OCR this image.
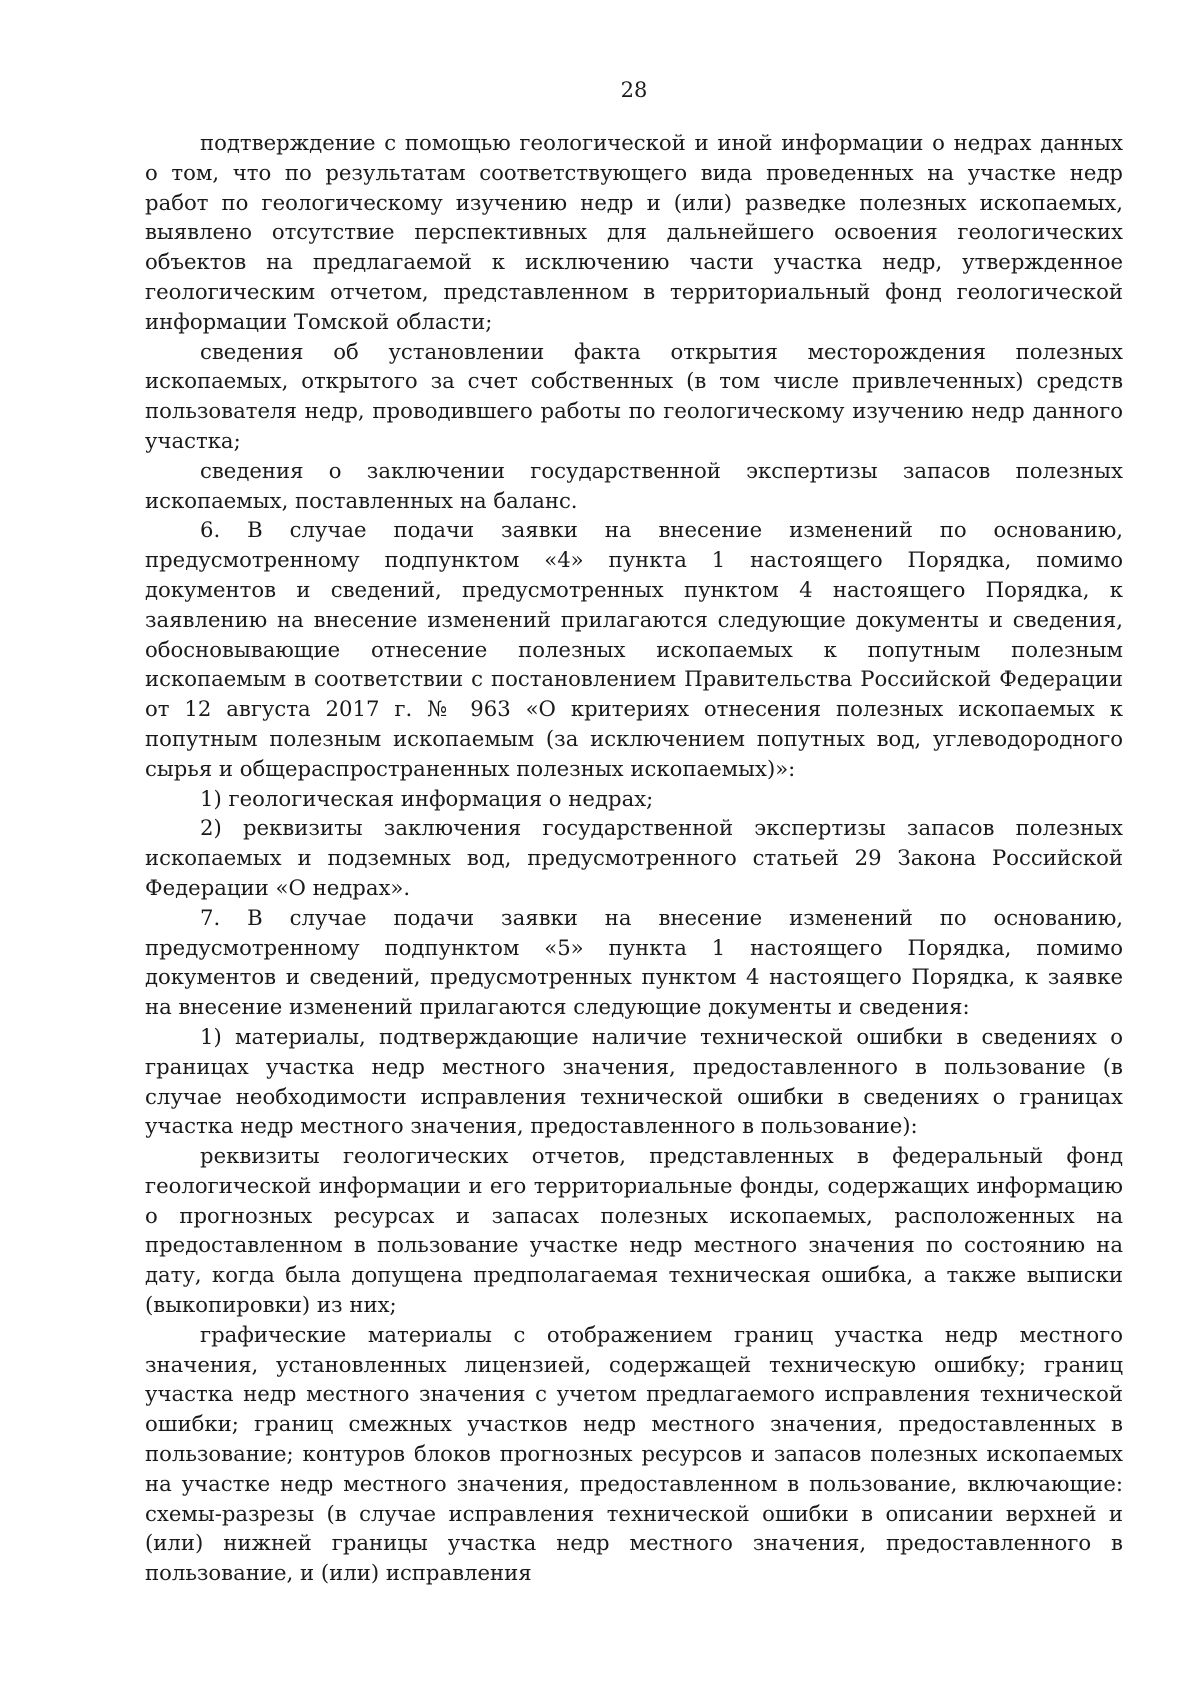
28

подтверждение с помощью геологической и иной информации о недрах данных о том, что по результатам соответствующего вида проведенных на участке недр работ по геологическому изучению недр и (или) разведке полезных ископаемых, выявлено отсутствие перспективных для дальнейшего освоения геологических объектов на предлагаемой к исключению части участка недр, утвержденное геологическим отчетом, представленном в территориальный фонд геологической информации Томской области;

сведения об установлении факта открытия месторождения полезных ископаемых, открытого за счет собственных (в том числе привлеченных) средств пользователя недр, проводившего работы по геологическому изучению недр данного участка;

сведения о заключении государственной экспертизы запасов полезных ископаемых, поставленных на баланс.

6. В случае подачи заявки на внесение изменений по основанию, предусмотренному подпунктом «4» пункта 1 настоящего Порядка, помимо документов и сведений, предусмотренных пунктом 4 настоящего Порядка, к заявлению на внесение изменений прилагаются следующие документы и сведения, обосновывающие отнесение полезных ископаемых к попутным полезным ископаемым в соответствии с постановлением Правительства Российской Федерации от 12 августа 2017 г. № 963 «О критериях отнесения полезных ископаемых к попутным полезным ископаемым (за исключением попутных вод, углеводородного сырья и общераспространенных полезных ископаемых)»:

1) геологическая информация о недрах;

2) реквизиты заключения государственной экспертизы запасов полезных ископаемых и подземных вод, предусмотренного статьей 29 Закона Российской Федерации «О недрах».

7. В случае подачи заявки на внесение изменений по основанию, предусмотренному подпунктом «5» пункта 1 настоящего Порядка, помимо документов и сведений, предусмотренных пунктом 4 настоящего Порядка, к заявке на внесение изменений прилагаются следующие документы и сведения:

1) материалы, подтверждающие наличие технической ошибки в сведениях о границах участка недр местного значения, предоставленного в пользование (в случае необходимости исправления технической ошибки в сведениях о границах участка недр местного значения, предоставленного в пользование):

реквизиты геологических отчетов, представленных в федеральный фонд геологической информации и его территориальные фонды, содержащих информацию о прогнозных ресурсах и запасах полезных ископаемых, расположенных на предоставленном в пользование участке недр местного значения по состоянию на дату, когда была допущена предполагаемая техническая ошибка, а также выписки (выкопировки) из них;

графические материалы с отображением границ участка недр местного значения, установленных лицензией, содержащей техническую ошибку; границ участка недр местного значения с учетом предлагаемого исправления технической ошибки; границ смежных участков недр местного значения, предоставленных в пользование; контуров блоков прогнозных ресурсов и запасов полезных ископаемых на участке недр местного значения, предоставленном в пользование, включающие: схемы-разрезы (в случае исправления технической ошибки в описании верхней и (или) нижней границы участка недр местного значения, предоставленного в пользование, и (или) исправления
